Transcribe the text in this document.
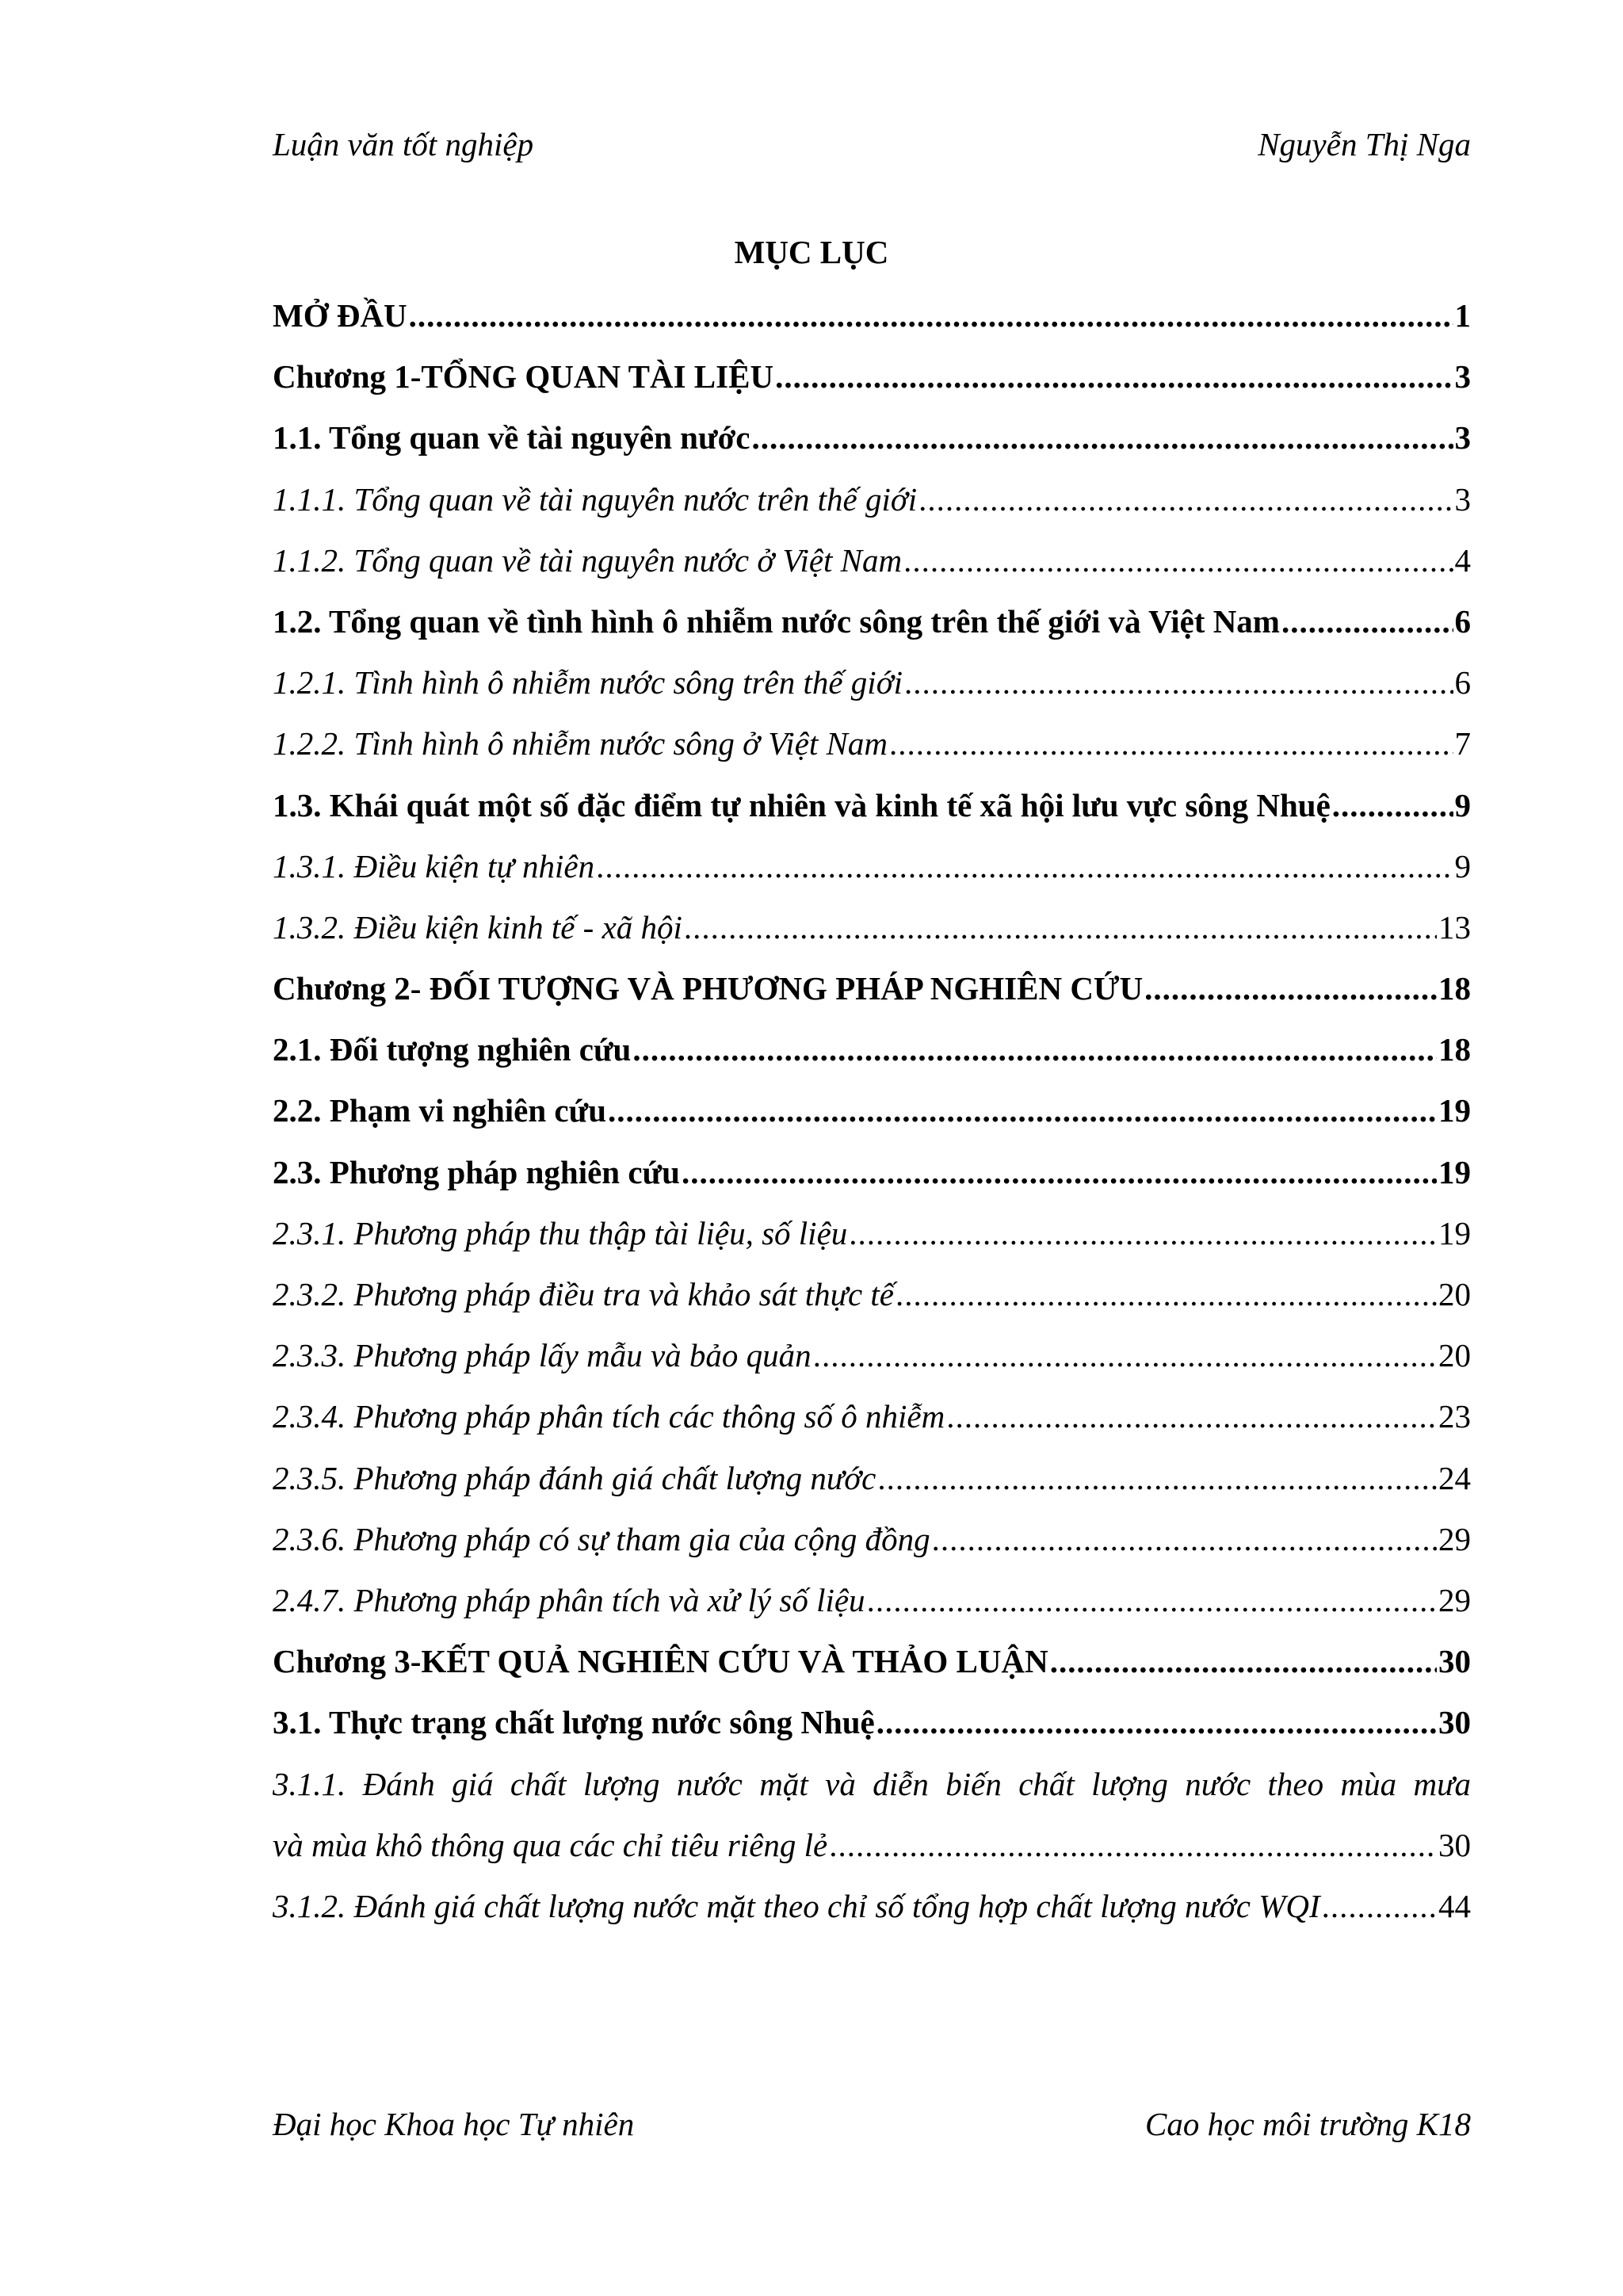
Luận văn tốt nghiệp	Nguyễn Thị Nga
MỤC LỤC
MỞ ĐẦU .....	1
Chương 1-TỔNG QUAN TÀI LIỆU .....	3
1.1. Tổng quan về tài nguyên nước .....	3
1.1.1. Tổng quan về tài nguyên nước trên thế giới .....	3
1.1.2. Tổng quan về tài nguyên nước ở Việt Nam .....	4
1.2. Tổng quan về tình hình ô nhiễm nước sông trên thế giới và Việt Nam .....	6
1.2.1. Tình hình ô nhiễm nước sông trên thế giới .....	6
1.2.2. Tình hình ô nhiễm nước sông ở Việt Nam .....	7
1.3. Khái quát một số đặc điểm tự nhiên và kinh tế xã hội lưu vực sông Nhuệ .....	9
1.3.1. Điều kiện tự nhiên .....	9
1.3.2. Điều kiện kinh tế - xã hội .....	13
Chương 2- ĐỐI TƯỢNG VÀ PHƯƠNG PHÁP NGHIÊN CỨU .....	18
2.1. Đối tượng nghiên cứu .....	18
2.2. Phạm vi nghiên cứu .....	19
2.3. Phương pháp nghiên cứu .....	19
2.3.1. Phương pháp thu thập tài liệu, số liệu .....	19
2.3.2. Phương pháp điều tra và khảo sát thực tế .....	20
2.3.3. Phương pháp lấy mẫu và bảo quản .....	20
2.3.4. Phương pháp phân tích các thông số ô nhiễm .....	23
2.3.5. Phương pháp đánh giá chất lượng nước .....	24
2.3.6. Phương pháp có sự tham gia của cộng đồng .....	29
2.4.7. Phương pháp phân tích và xử lý số liệu .....	29
Chương 3-KẾT QUẢ NGHIÊN CỨU VÀ THẢO LUẬN .....	30
3.1. Thực trạng chất lượng nước sông Nhuệ .....	30
3.1.1. Đánh giá chất lượng nước mặt và diễn biến chất lượng nước theo mùa mưa
và mùa khô thông qua các chỉ tiêu riêng lẻ .....	30
3.1.2. Đánh giá chất lượng nước mặt theo chỉ số tổng hợp chất lượng nước WQI .....	44
Đại học Khoa học Tự nhiên	Cao học môi trường K18
